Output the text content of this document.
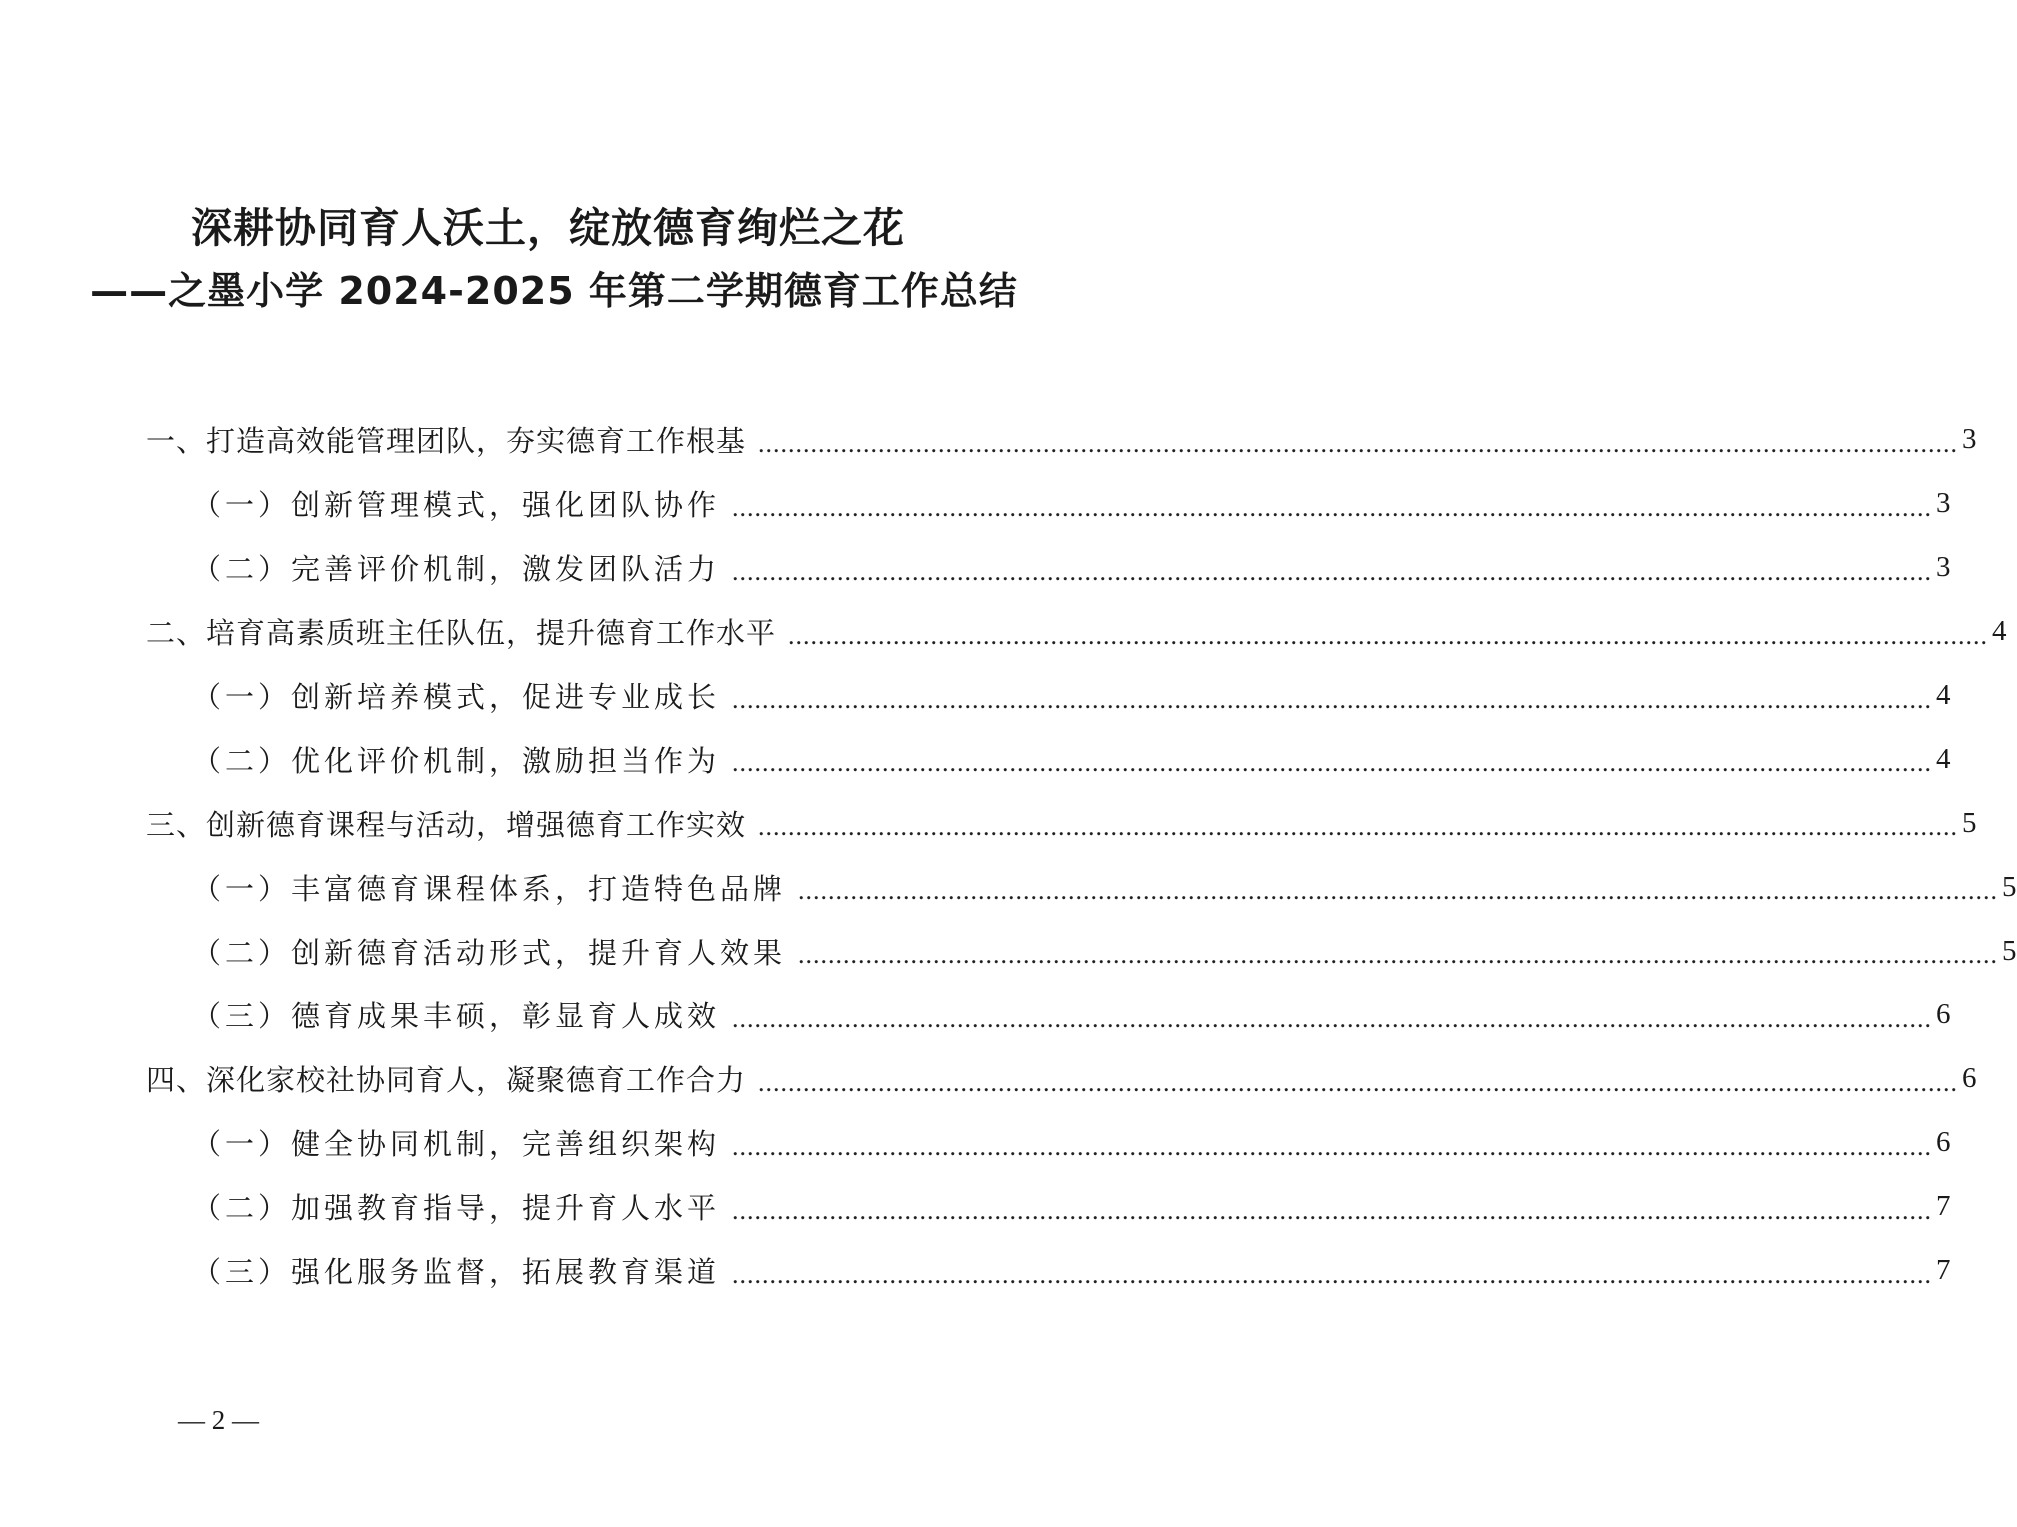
深耕协同育人沃土，绽放德育绚烂之花
——之墨小学 2024-2025 年第二学期德育工作总结
一、打造高效能管理团队，夯实德育工作根基 ................................................................................................................................................................ 3
（一）创新管理模式，强化团队协作 ................................................................................................................................................................ 3
（二）完善评价机制，激发团队活力 ................................................................................................................................................................ 3
二、培育高素质班主任队伍，提升德育工作水平 ................................................................................................................................................................ 4
（一）创新培养模式，促进专业成长 ................................................................................................................................................................ 4
（二）优化评价机制，激励担当作为 ................................................................................................................................................................ 4
三、创新德育课程与活动，增强德育工作实效 ................................................................................................................................................................ 5
（一）丰富德育课程体系，打造特色品牌 ................................................................................................................................................................ 5
（二）创新德育活动形式，提升育人效果 ................................................................................................................................................................ 5
（三）德育成果丰硕，彰显育人成效 ................................................................................................................................................................ 6
四、深化家校社协同育人，凝聚德育工作合力 ................................................................................................................................................................ 6
（一）健全协同机制，完善组织架构 ................................................................................................................................................................ 6
（二）加强教育指导，提升育人水平 ................................................................................................................................................................ 7
（三）强化服务监督，拓展教育渠道 ................................................................................................................................................................ 7
— 2 —
